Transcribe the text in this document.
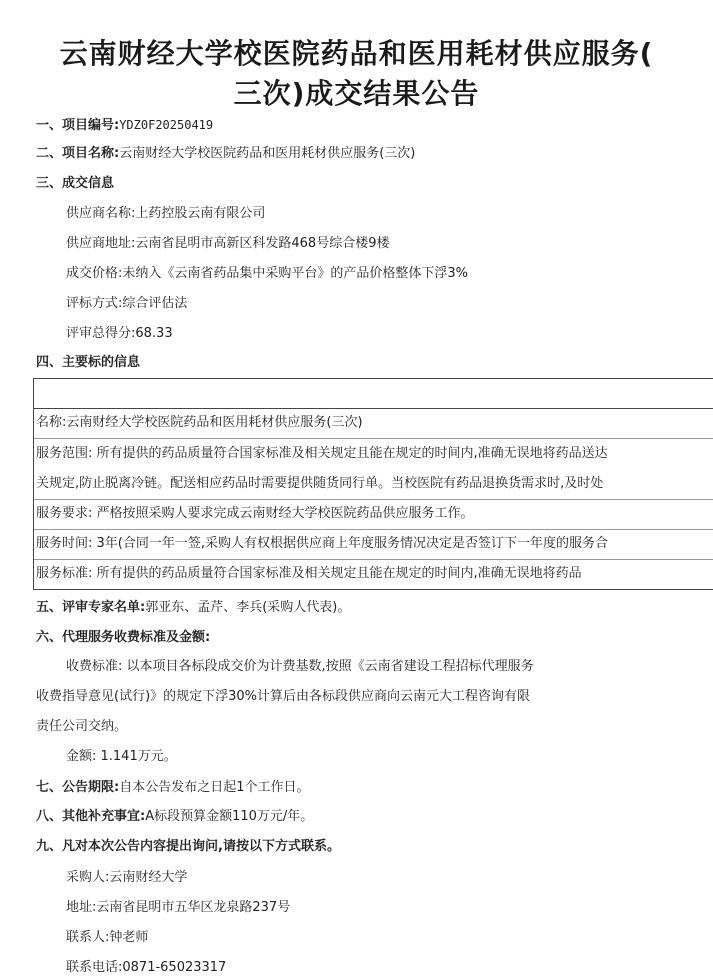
云南财经大学校医院药品和医用耗材供应服务(
三次)成交结果公告
一、项目编号:YDZ0F20250419
二、项目名称:云南财经大学校医院药品和医用耗材供应服务(三次)
三、成交信息
供应商名称:上药控股云南有限公司
供应商地址:云南省昆明市高新区科发路468号综合楼9楼
成交价格:未纳入《云南省药品集中采购平台》的产品价格整体下浮3%
评标方式:综合评估法
评审总得分:68.33
四、主要标的信息
名称:云南财经大学校医院药品和医用耗材供应服务(三次)
服务范围: 所有提供的药品质量符合国家标准及相关规定且能在规定的时间内,准确无误地将药品送达
关规定,防止脱离冷链。配送相应药品时需要提供随货同行单。当校医院有药品退换货需求时,及时处
服务要求: 严格按照采购人要求完成云南财经大学校医院药品供应服务工作。
服务时间: 3年(合同一年一签,采购人有权根据供应商上年度服务情况决定是否签订下一年度的服务合
服务标准: 所有提供的药品质量符合国家标准及相关规定且能在规定的时间内,准确无误地将药品
五、评审专家名单:郭亚东、孟芹、李兵(采购人代表)。
六、代理服务收费标准及金额:
收费标准: 以本项目各标段成交价为计费基数,按照《云南省建设工程招标代理服务
收费指导意见(试行)》的规定下浮30%计算后由各标段供应商向云南元大工程咨询有限
责任公司交纳。
金额: 1.141万元。
七、公告期限:自本公告发布之日起1个工作日。
八、其他补充事宜:A标段预算金额110万元/年。
九、凡对本次公告内容提出询问,请按以下方式联系。
采购人:云南财经大学
地址:云南省昆明市五华区龙泉路237号
联系人:钟老师
联系电话:0871-65023317
